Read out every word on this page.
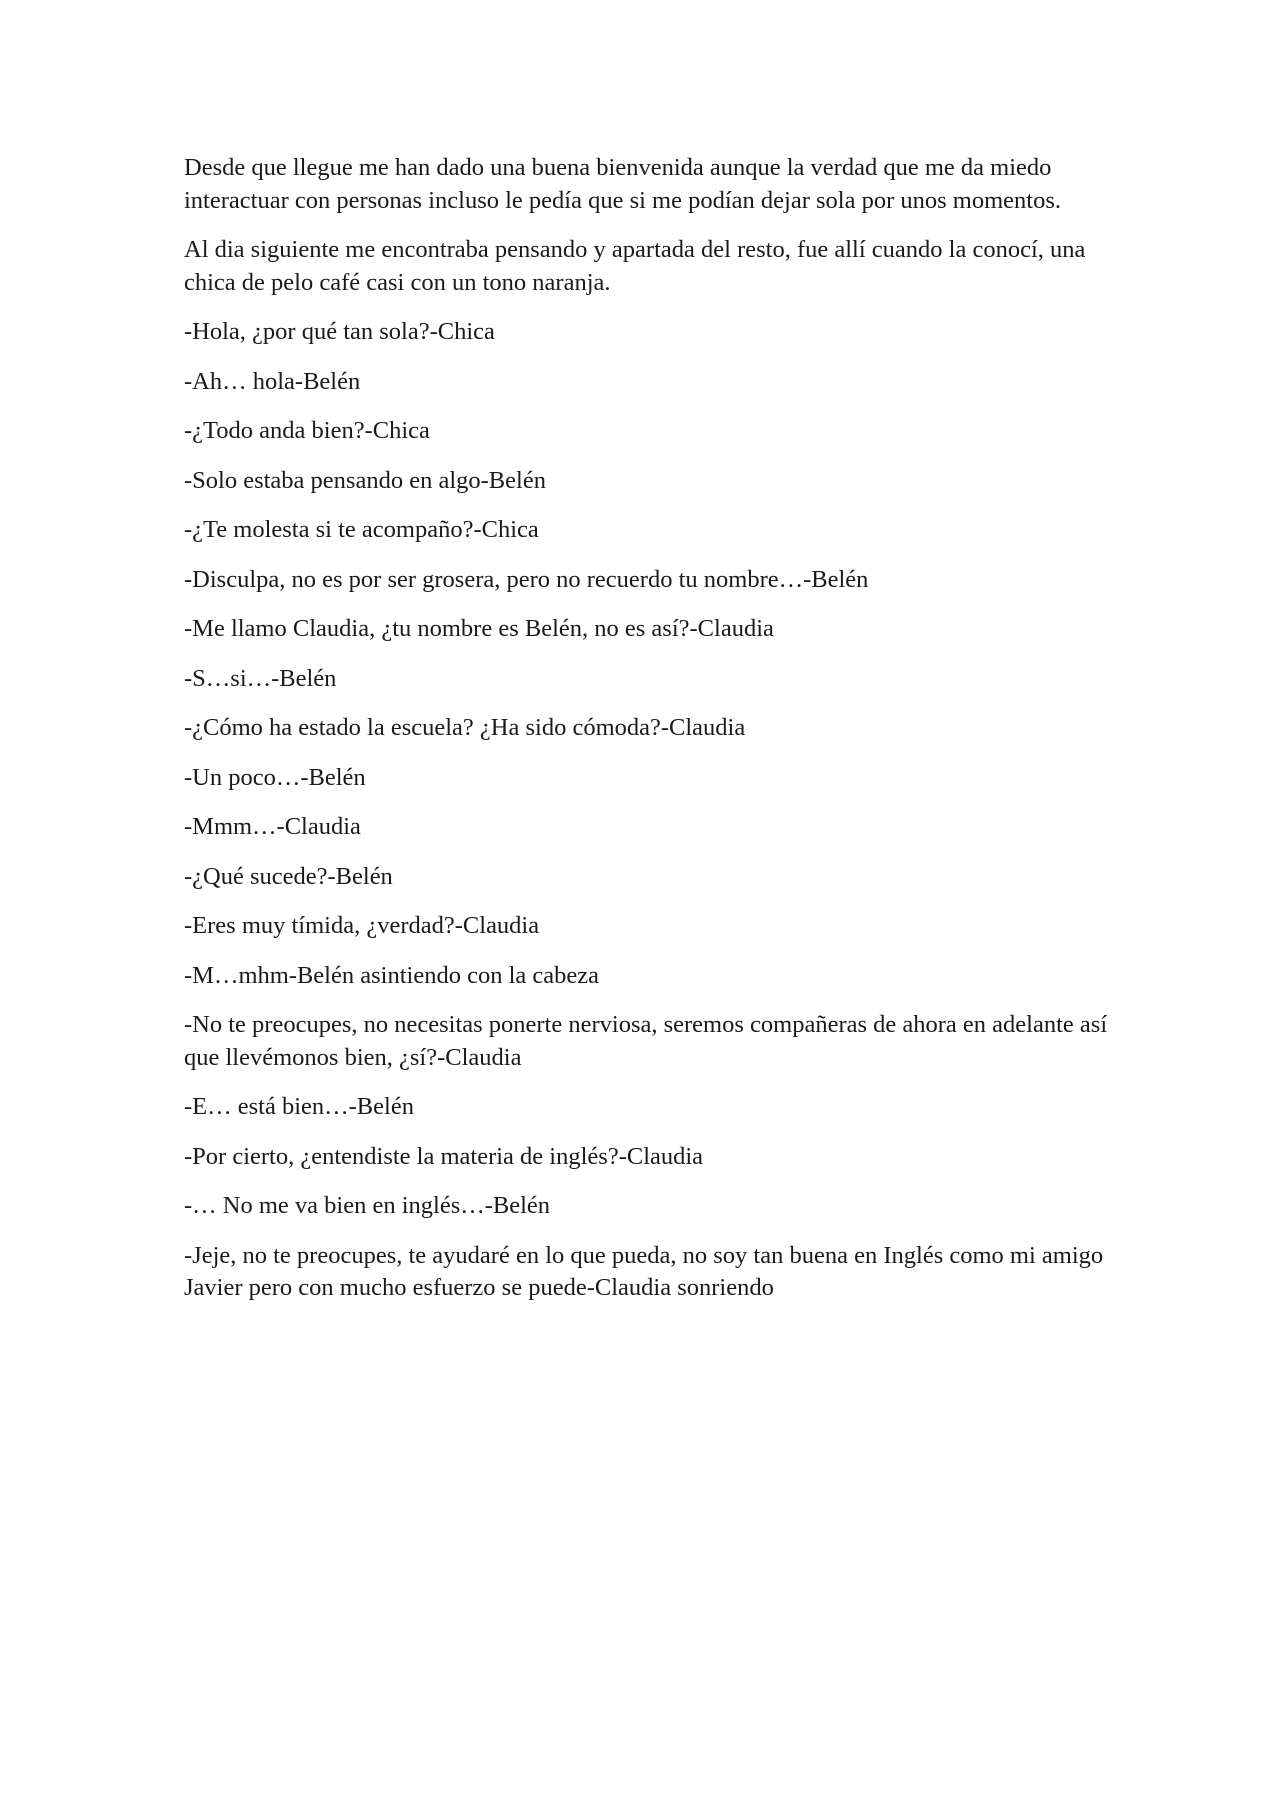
Desde que llegue me han dado una buena bienvenida aunque la verdad que me da miedo interactuar con personas incluso le pedía que si me podían dejar sola por unos momentos.

Al dia siguiente me encontraba pensando y apartada del resto, fue allí cuando la conocí, una chica de pelo café casi con un tono naranja.

-Hola, ¿por qué tan sola?-Chica

-Ah… hola-Belén

-¿Todo anda bien?-Chica

-Solo estaba pensando en algo-Belén

-¿Te molesta si te acompaño?-Chica

-Disculpa, no es por ser grosera, pero no recuerdo tu nombre…-Belén

-Me llamo Claudia, ¿tu nombre es Belén, no es así?-Claudia

-S…si…-Belén

-¿Cómo ha estado la escuela? ¿Ha sido cómoda?-Claudia

-Un poco…-Belén

-Mmm…-Claudia

-¿Qué sucede?-Belén

-Eres muy tímida, ¿verdad?-Claudia

-M…mhm-Belén asintiendo con la cabeza

-No te preocupes, no necesitas ponerte nerviosa, seremos compañeras de ahora en adelante así que llevémonos bien, ¿sí?-Claudia

-E… está bien…-Belén

-Por cierto, ¿entendiste la materia de inglés?-Claudia

-… No me va bien en inglés…-Belén

-Jeje, no te preocupes, te ayudaré en lo que pueda, no soy tan buena en Inglés como mi amigo Javier pero con mucho esfuerzo se puede-Claudia sonriendo
